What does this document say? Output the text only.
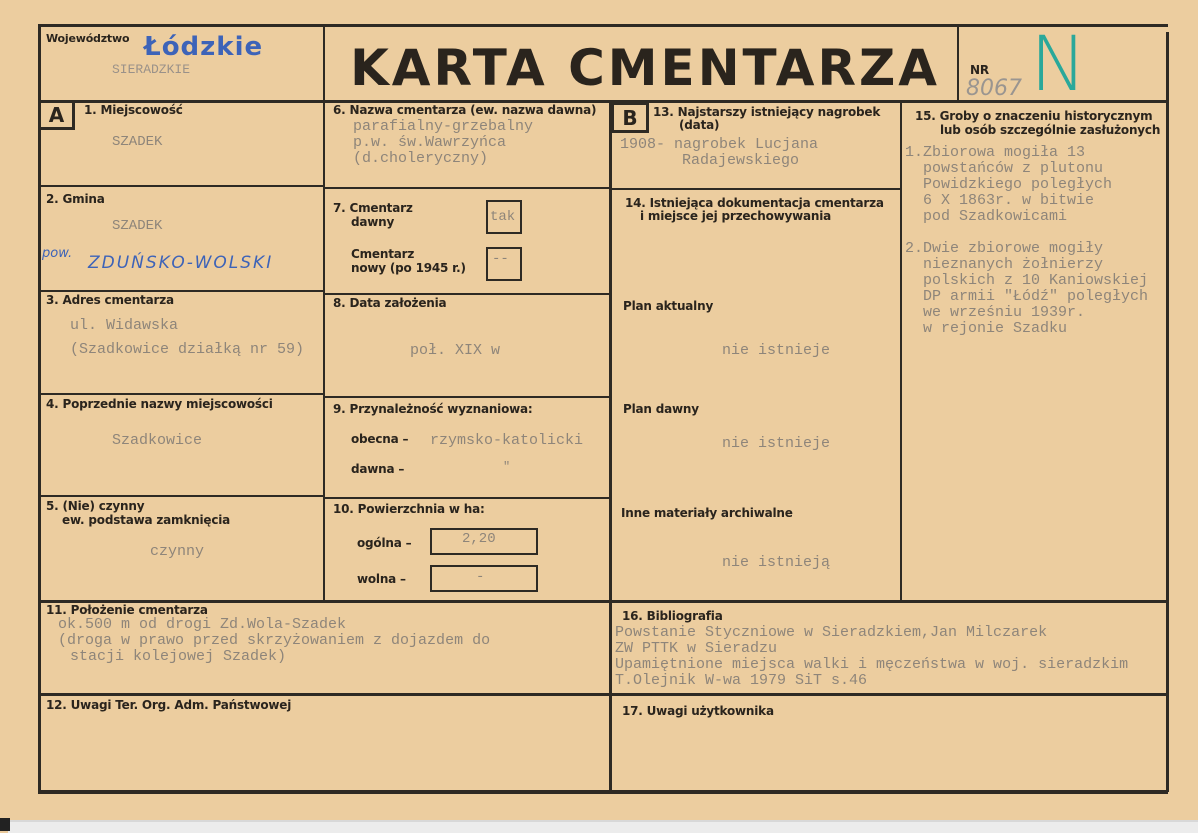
Województwo Łódzkie
SIERADZKIE	KARTA CMENTARZA	NR
8067 N
A	1. Miejscowość
SZADEK
2. Gmina
SZADEK
pow. ZDUŃSKO-WOLSKI
3. Adres cmentarza
ul. Widawska
(Szadkowice działką nr 59)
4. Poprzednie nazwy miejscowości
Szadkowice
5. (Nie) czynny
ew. podstawa zamknięcia
czynny
6. Nazwa cmentarza (ew. nazwa dawna)
parafialny-grzebalny
p.w. św.Wawrzyńca
(d.choleryczny)
7. Cmentarz
dawny	tak
Cmentarz
nowy (po 1945 r.)
--
8. Data założenia
poł. XIX w
9. Przynależność wyznaniowa:
obecna – rzymsko-katolicki
dawna –	"
10. Powierzchnia w ha:
ogólna –	2,20
wolna –	-
B	13. Najstarszy istniejący nagrobek
(data)
1908- nagrobek Lucjana
Radajewskiego
14. Istniejąca dokumentacja cmentarza
i miejsce jej przechowywania
Plan aktualny
nie istnieje
Plan dawny
nie istnieje
Inne materiały archiwalne
nie istnieją
15. Groby o znaczeniu historycznym
lub osób szczególnie zasłużonych
1.Zbiorowa mogiła 13
powstańców z plutonu
Powidzkiego poległych
6 X 1863r. w bitwie
pod Szadkowicami
2.Dwie zbiorowe mogiły
nieznanych żołnierzy
polskich z 10 Kaniowskiej
DP armii "Łódź" poległych
we wrześniu 1939r.
w rejonie Szadku
11. Położenie cmentarza
ok.500 m od drogi Zd.Wola-Szadek
(droga w prawo przed skrzyżowaniem z dojazdem do
stacji kolejowej Szadek)
12. Uwagi Ter. Org. Adm. Państwowej
16. Bibliografia
Powstanie Styczniowe w Sieradzkiem,Jan Milczarek
ZW PTTK w Sieradzu
Upamiętnione miejsca walki i męczeństwa w woj. sieradzkim
T.Olejnik W-wa 1979 SiT s.46
17. Uwagi użytkownika
